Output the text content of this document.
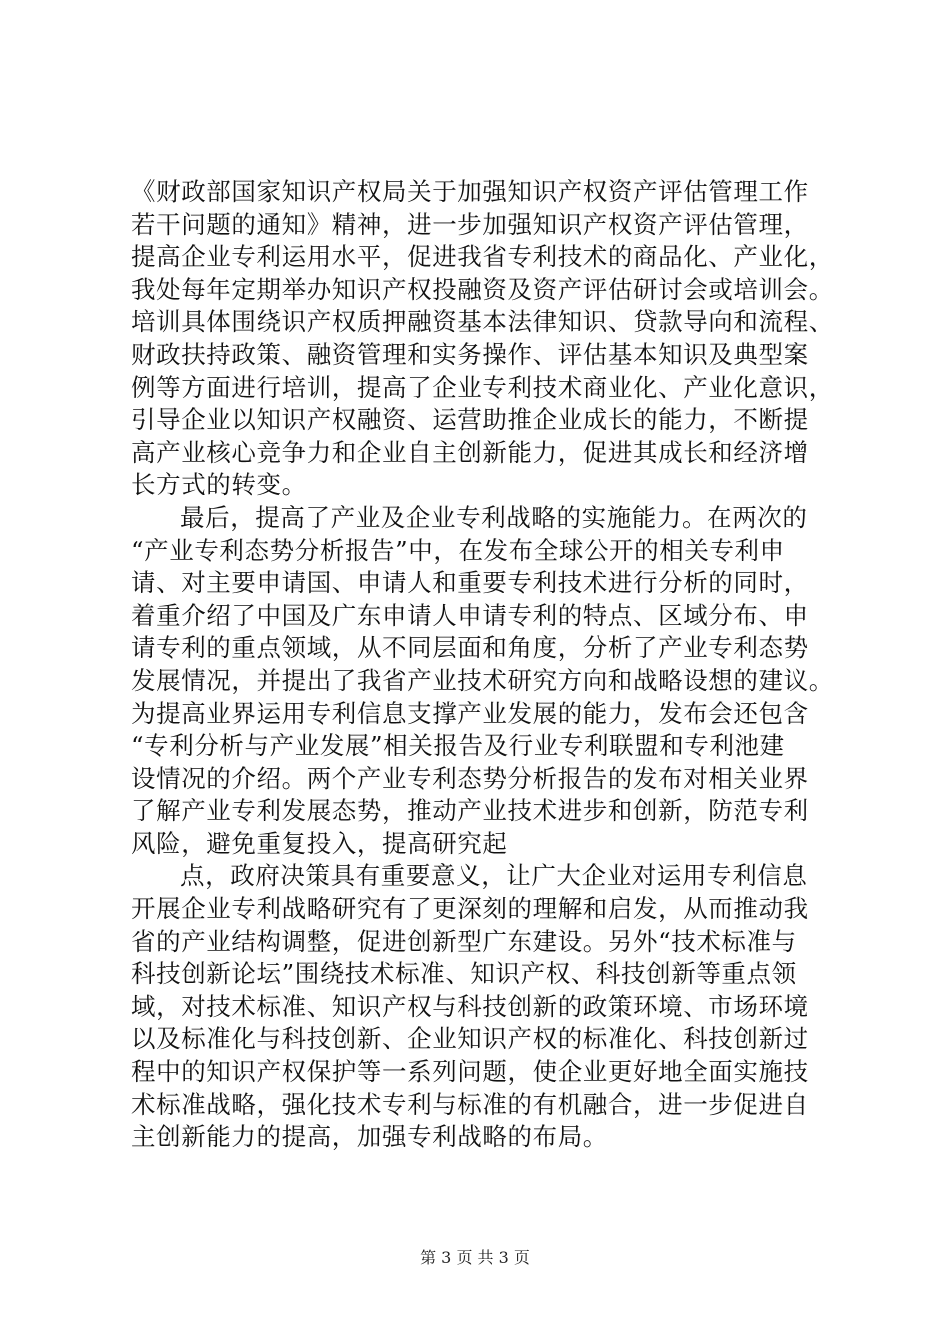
《财政部国家知识产权局关于加强知识产权资产评估管理工作
若干问题的通知》精神，进一步加强知识产权资产评估管理，
提高企业专利运用水平，促进我省专利技术的商品化、产业化，
我处每年定期举办知识产权投融资及资产评估研讨会或培训会。
培训具体围绕识产权质押融资基本法律知识、贷款导向和流程、
财政扶持政策、融资管理和实务操作、评估基本知识及典型案
例等方面进行培训，提高了企业专利技术商业化、产业化意识，
引导企业以知识产权融资、运营助推企业成长的能力，不断提
高产业核心竞争力和企业自主创新能力，促进其成长和经济增
长方式的转变。
最后，提高了产业及企业专利战略的实施能力。在两次的
“产业专利态势分析报告”中，在发布全球公开的相关专利申
请、对主要申请国、申请人和重要专利技术进行分析的同时，
着重介绍了中国及广东申请人申请专利的特点、区域分布、申
请专利的重点领域，从不同层面和角度，分析了产业专利态势
发展情况，并提出了我省产业技术研究方向和战略设想的建议。
为提高业界运用专利信息支撑产业发展的能力，发布会还包含
“专利分析与产业发展”相关报告及行业专利联盟和专利池建
设情况的介绍。两个产业专利态势分析报告的发布对相关业界
了解产业专利发展态势，推动产业技术进步和创新，防范专利
风险，避免重复投入，提高研究起
点，政府决策具有重要意义，让广大企业对运用专利信息
开展企业专利战略研究有了更深刻的理解和启发，从而推动我
省的产业结构调整，促进创新型广东建设。另外“技术标准与
科技创新论坛”围绕技术标准、知识产权、科技创新等重点领
域，对技术标准、知识产权与科技创新的政策环境、市场环境
以及标准化与科技创新、企业知识产权的标准化、科技创新过
程中的知识产权保护等一系列问题，使企业更好地全面实施技
术标准战略，强化技术专利与标准的有机融合，进一步促进自
主创新能力的提高，加强专利战略的布局。
第 3 页 共 3 页
